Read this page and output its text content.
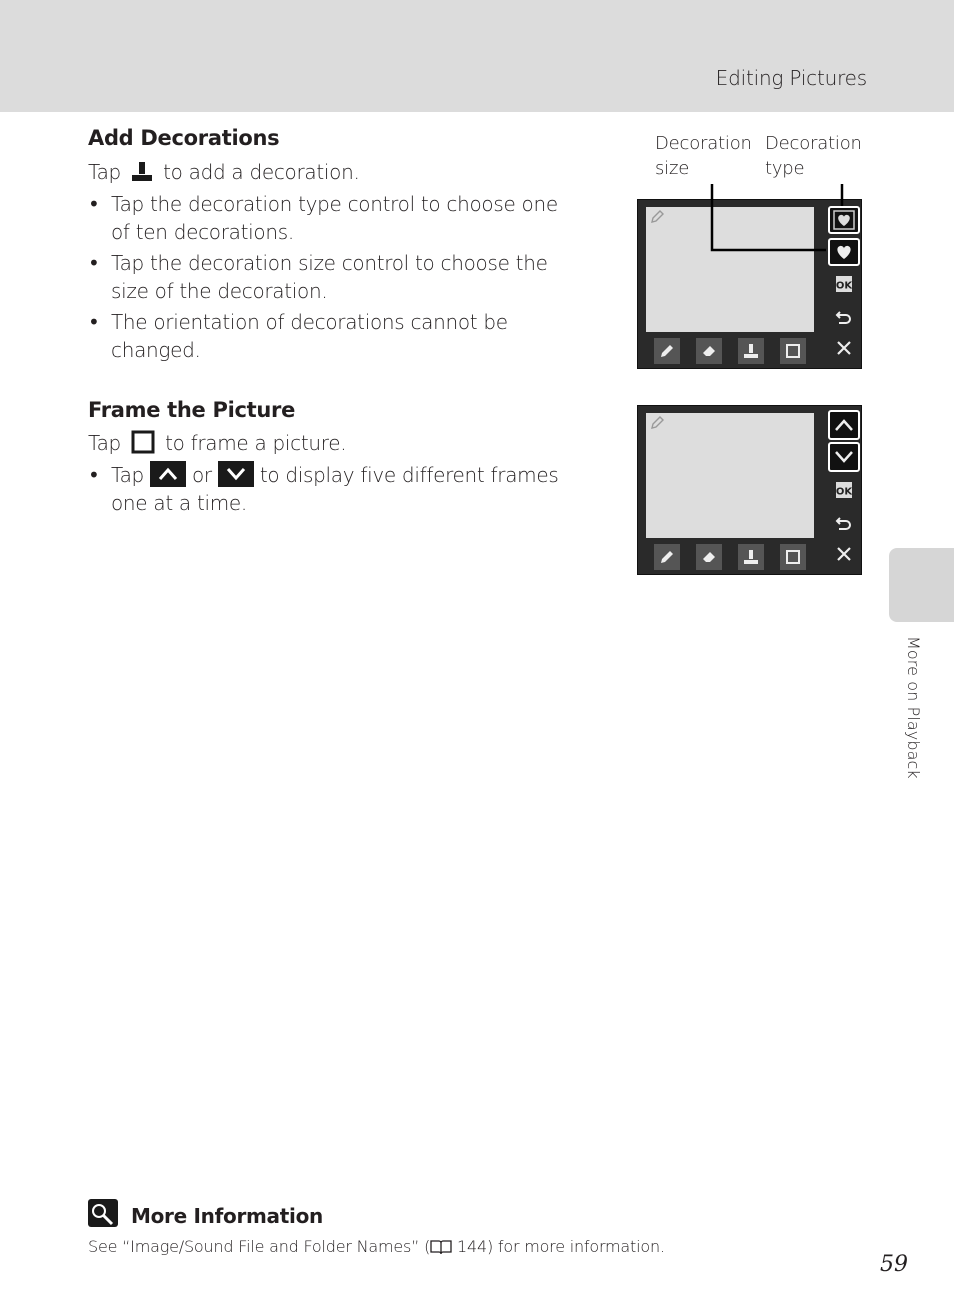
Editing Pictures
More on Playback
Add Decorations
Tap to add a decoration.
• Tap the decoration type control to choose one
of ten decorations.
• Tap the decoration size control to choose the
size of the decoration.
• The orientation of decorations cannot be
changed.
Decoration
size
Decoration
type
OK
Frame the Picture
Tap to frame a picture.
• Tap or to display five different frames
one at a time.	OK
More Information
See “Image/Sound File and Folder Names” ( 144) for more information.
59
